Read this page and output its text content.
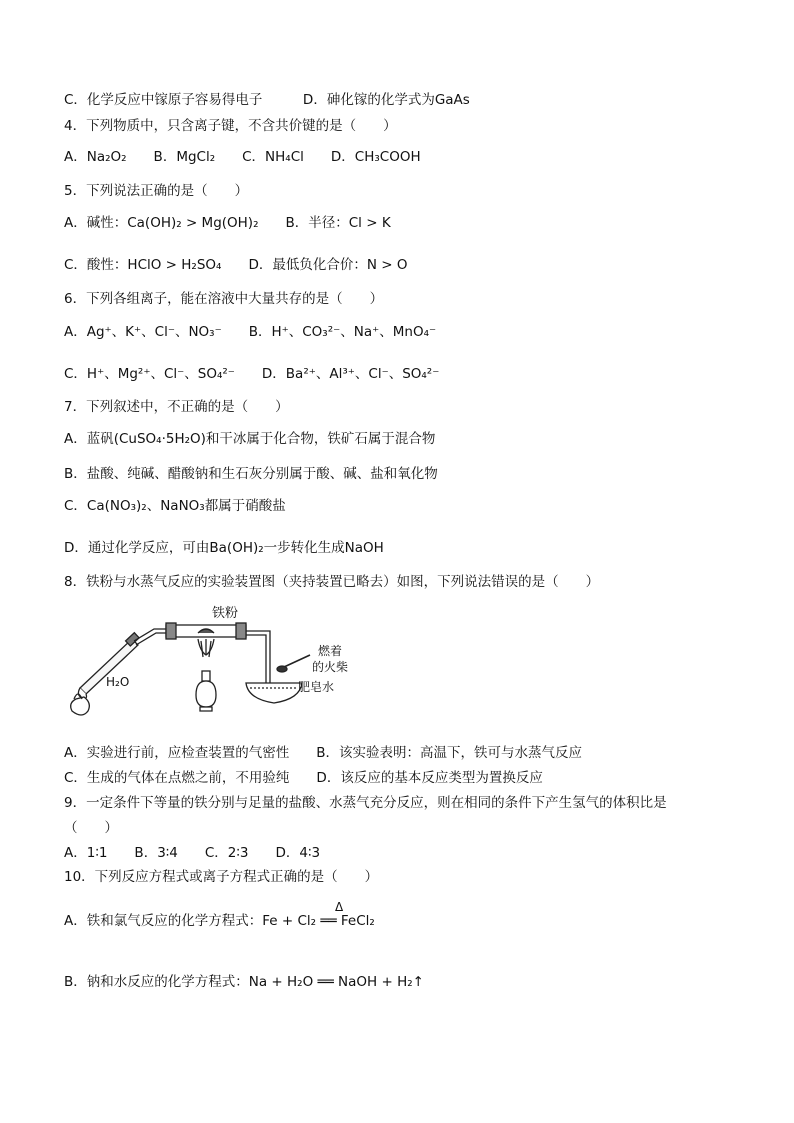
C．化学反应中镓原子容易得电子　　　D．砷化镓的化学式为GaAs
4．下列物质中，只含离子键，不含共价键的是（　　）
A．Na₂O₂　　B．MgCl₂　　C．NH₄Cl　　D．CH₃COOH
5．下列说法正确的是（　　）
A．碱性：Ca(OH)₂ > Mg(OH)₂　　B．半径：Cl > K
C．酸性：HClO > H₂SO₄　　D．最低负化合价：N > O
6．下列各组离子，能在溶液中大量共存的是（　　）
A．Ag⁺、K⁺、Cl⁻、NO₃⁻　　B．H⁺、CO₃²⁻、Na⁺、MnO₄⁻
C．H⁺、Mg²⁺、Cl⁻、SO₄²⁻　　D．Ba²⁺、Al³⁺、Cl⁻、SO₄²⁻
7．下列叙述中，不正确的是（　　）
A．蓝矾(CuSO₄·5H₂O)和干冰属于化合物，铁矿石属于混合物
B．盐酸、纯碱、醋酸钠和生石灰分别属于酸、碱、盐和氧化物
C．Ca(NO₃)₂、NaNO₃都属于硝酸盐
D．通过化学反应，可由Ba(OH)₂一步转化生成NaOH
8．铁粉与水蒸气反应的实验装置图（夹持装置已略去）如图，下列说法错误的是（　　）
铁粉
H₂O
燃着
的火柴
肥皂水
A．实验进行前，应检查装置的气密性　　B．该实验表明：高温下，铁可与水蒸气反应
C．生成的气体在点燃之前，不用验纯　　D．该反应的基本反应类型为置换反应
9．一定条件下等量的铁分别与足量的盐酸、水蒸气充分反应，则在相同的条件下产生氢气的体积比是
（　　）
A．1∶1　　B．3∶4　　C．2∶3　　D．4∶3
10．下列反应方程式或离子方程式正确的是（　　）
Δ
A．铁和氯气反应的化学方程式：Fe + Cl₂ ══ FeCl₂
B．钠和水反应的化学方程式：Na + H₂O ══ NaOH + H₂↑
